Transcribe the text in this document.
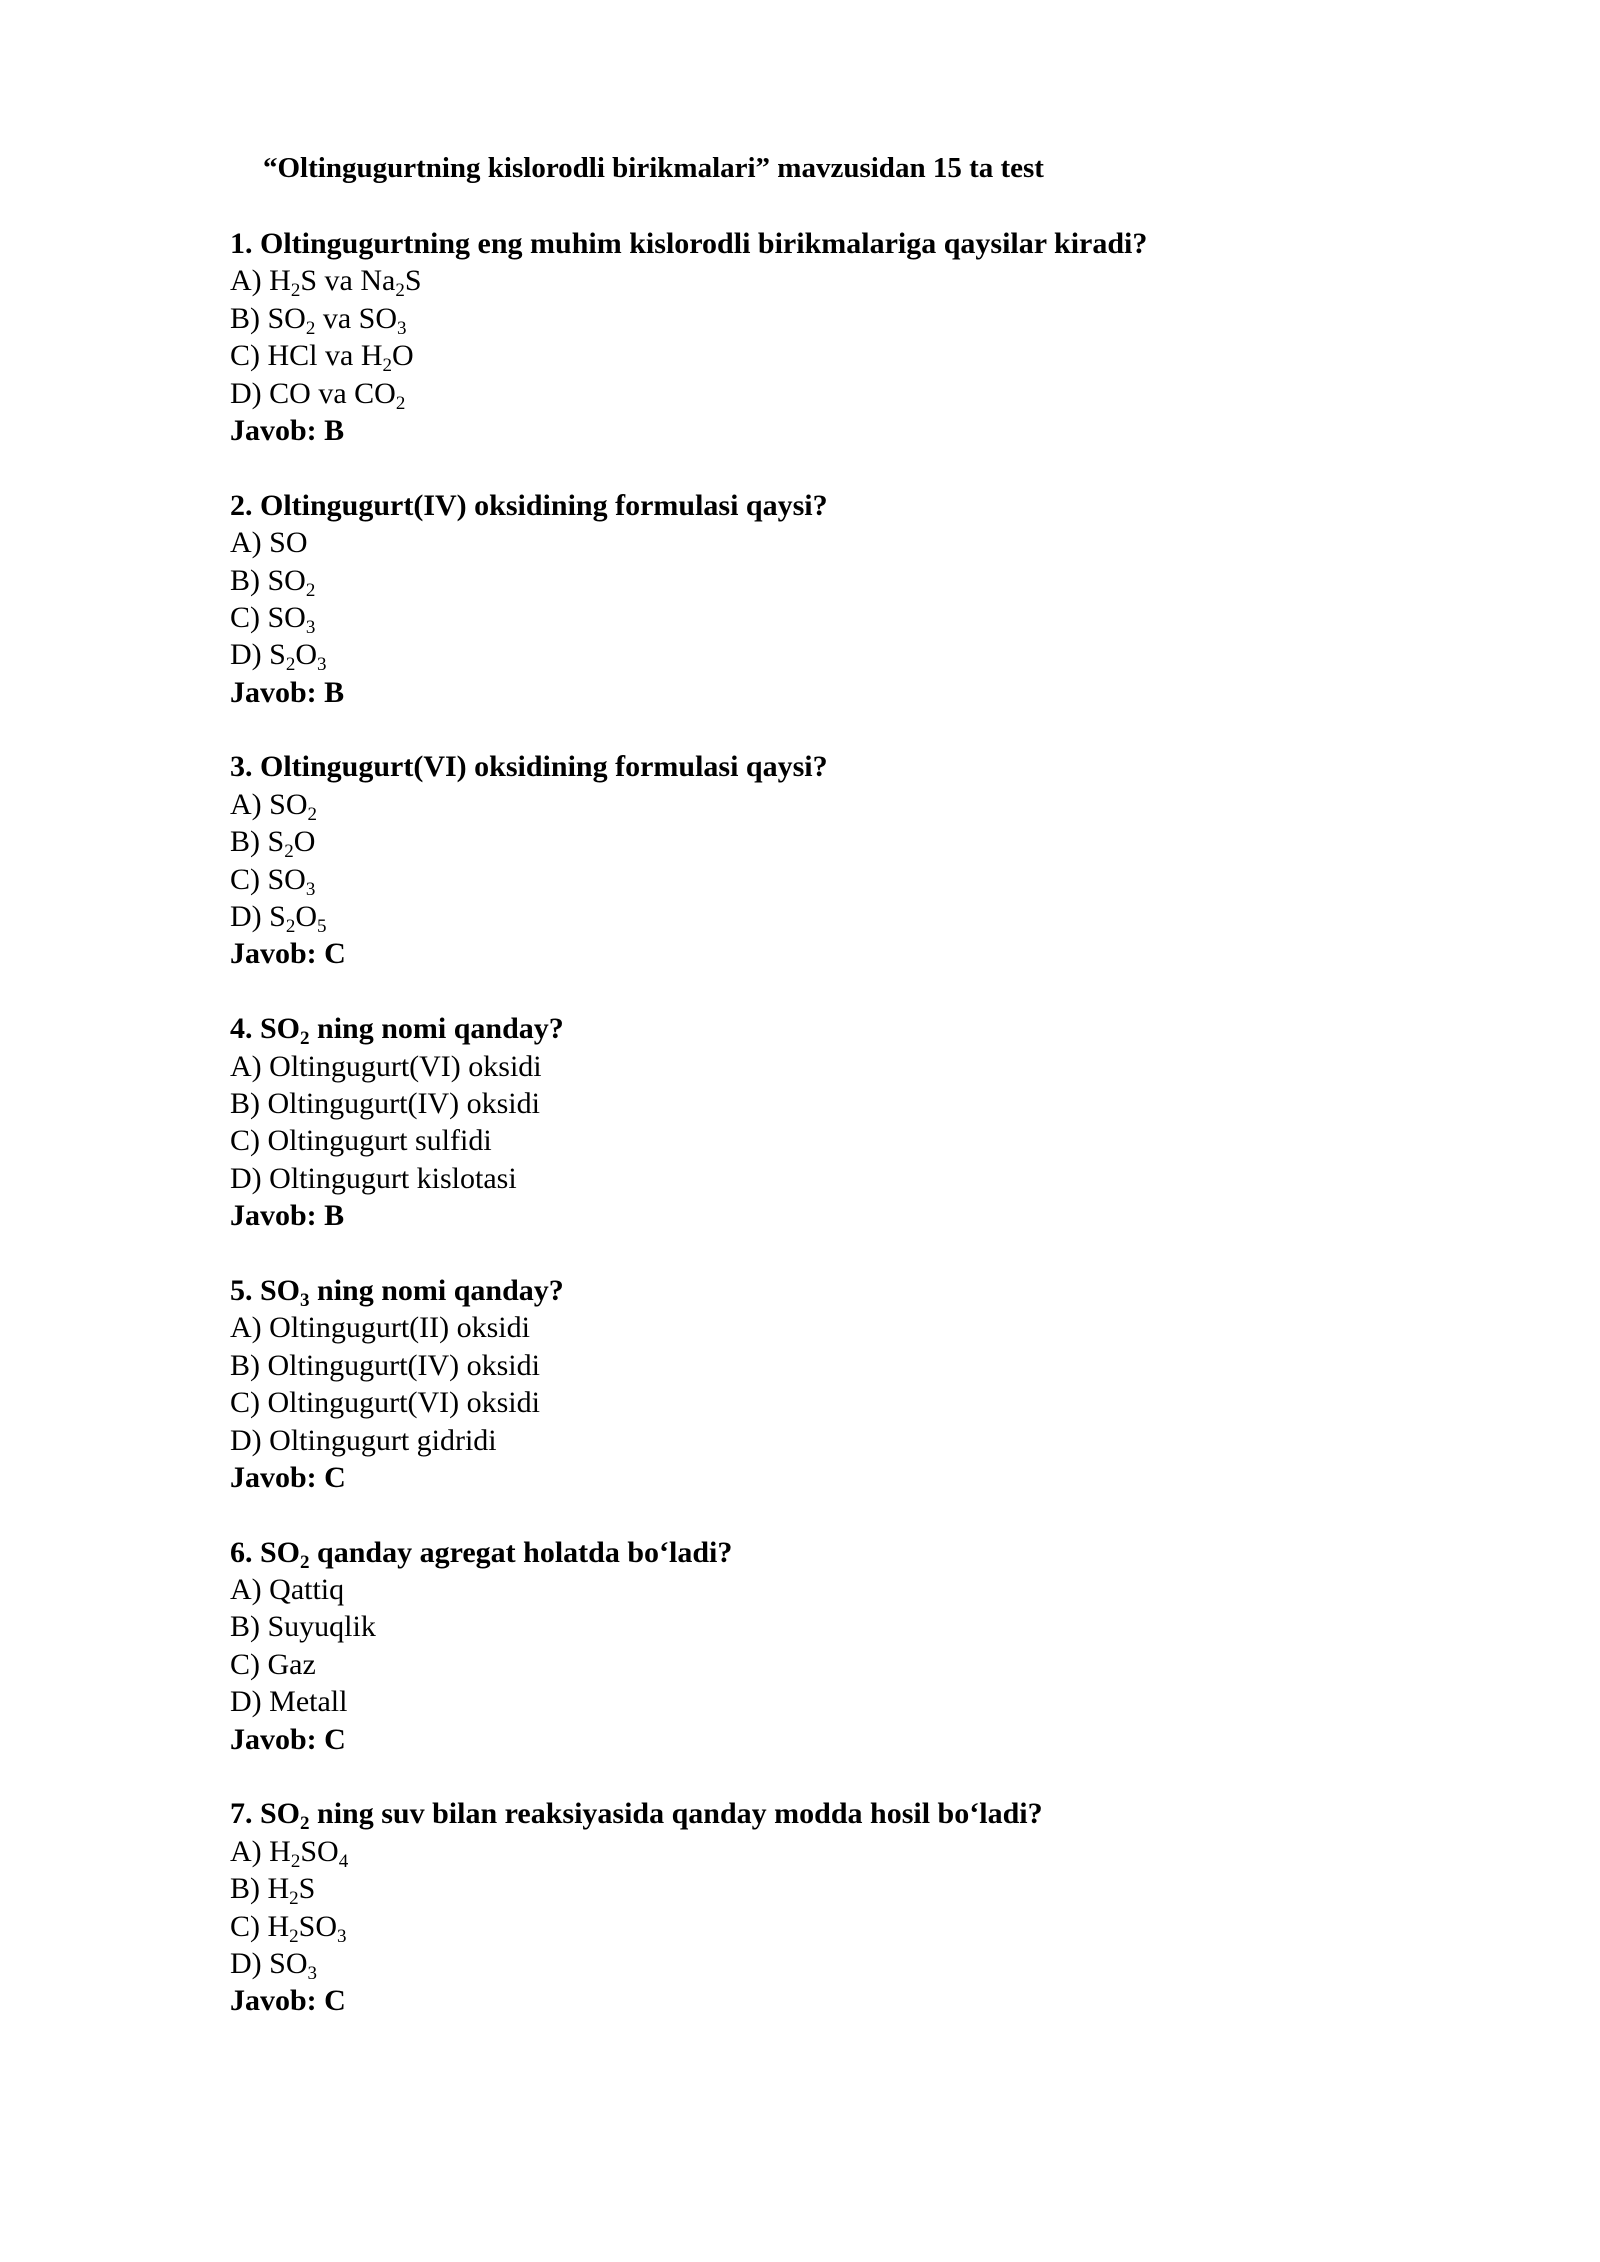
“Oltingugurtning kislorodli birikmalari” mavzusidan 15 ta test
1. Oltingugurtning eng muhim kislorodli birikmalariga qaysilar kiradi?
A) $H_2S$ va $Na_2S$
B) $SO_2$ va $SO_3$
C) HCl va $H_2O$
D) CO va $CO_2$
Javob: B
2. Oltingugurt(IV) oksidining formulasi qaysi?
A) SO
B) $SO_2$
C) $SO_3$
D) $S_2O_3$
Javob: B
3. Oltingugurt(VI) oksidining formulasi qaysi?
A) $SO_2$
B) $S_2O$
C) $SO_3$
D) $S_2O_5$
Javob: C
4. $SO_2$ ning nomi qanday?
A) Oltingugurt(VI) oksidi
B) Oltingugurt(IV) oksidi
C) Oltingugurt sulfidi
D) Oltingugurt kislotasi
Javob: B
5. $SO_3$ ning nomi qanday?
A) Oltingugurt(II) oksidi
B) Oltingugurt(IV) oksidi
C) Oltingugurt(VI) oksidi
D) Oltingugurt gidridi
Javob: C
6. $SO_2$ qanday agregat holatda bo‘ladi?
A) Qattiq
B) Suyuqlik
C) Gaz
D) Metall
Javob: C
7. $SO_2$ ning suv bilan reaksiyasida qanday modda hosil bo‘ladi?
A) $H_2SO_4$
B) $H_2S$
C) $H_2SO_3$
D) $SO_3$
Javob: C
